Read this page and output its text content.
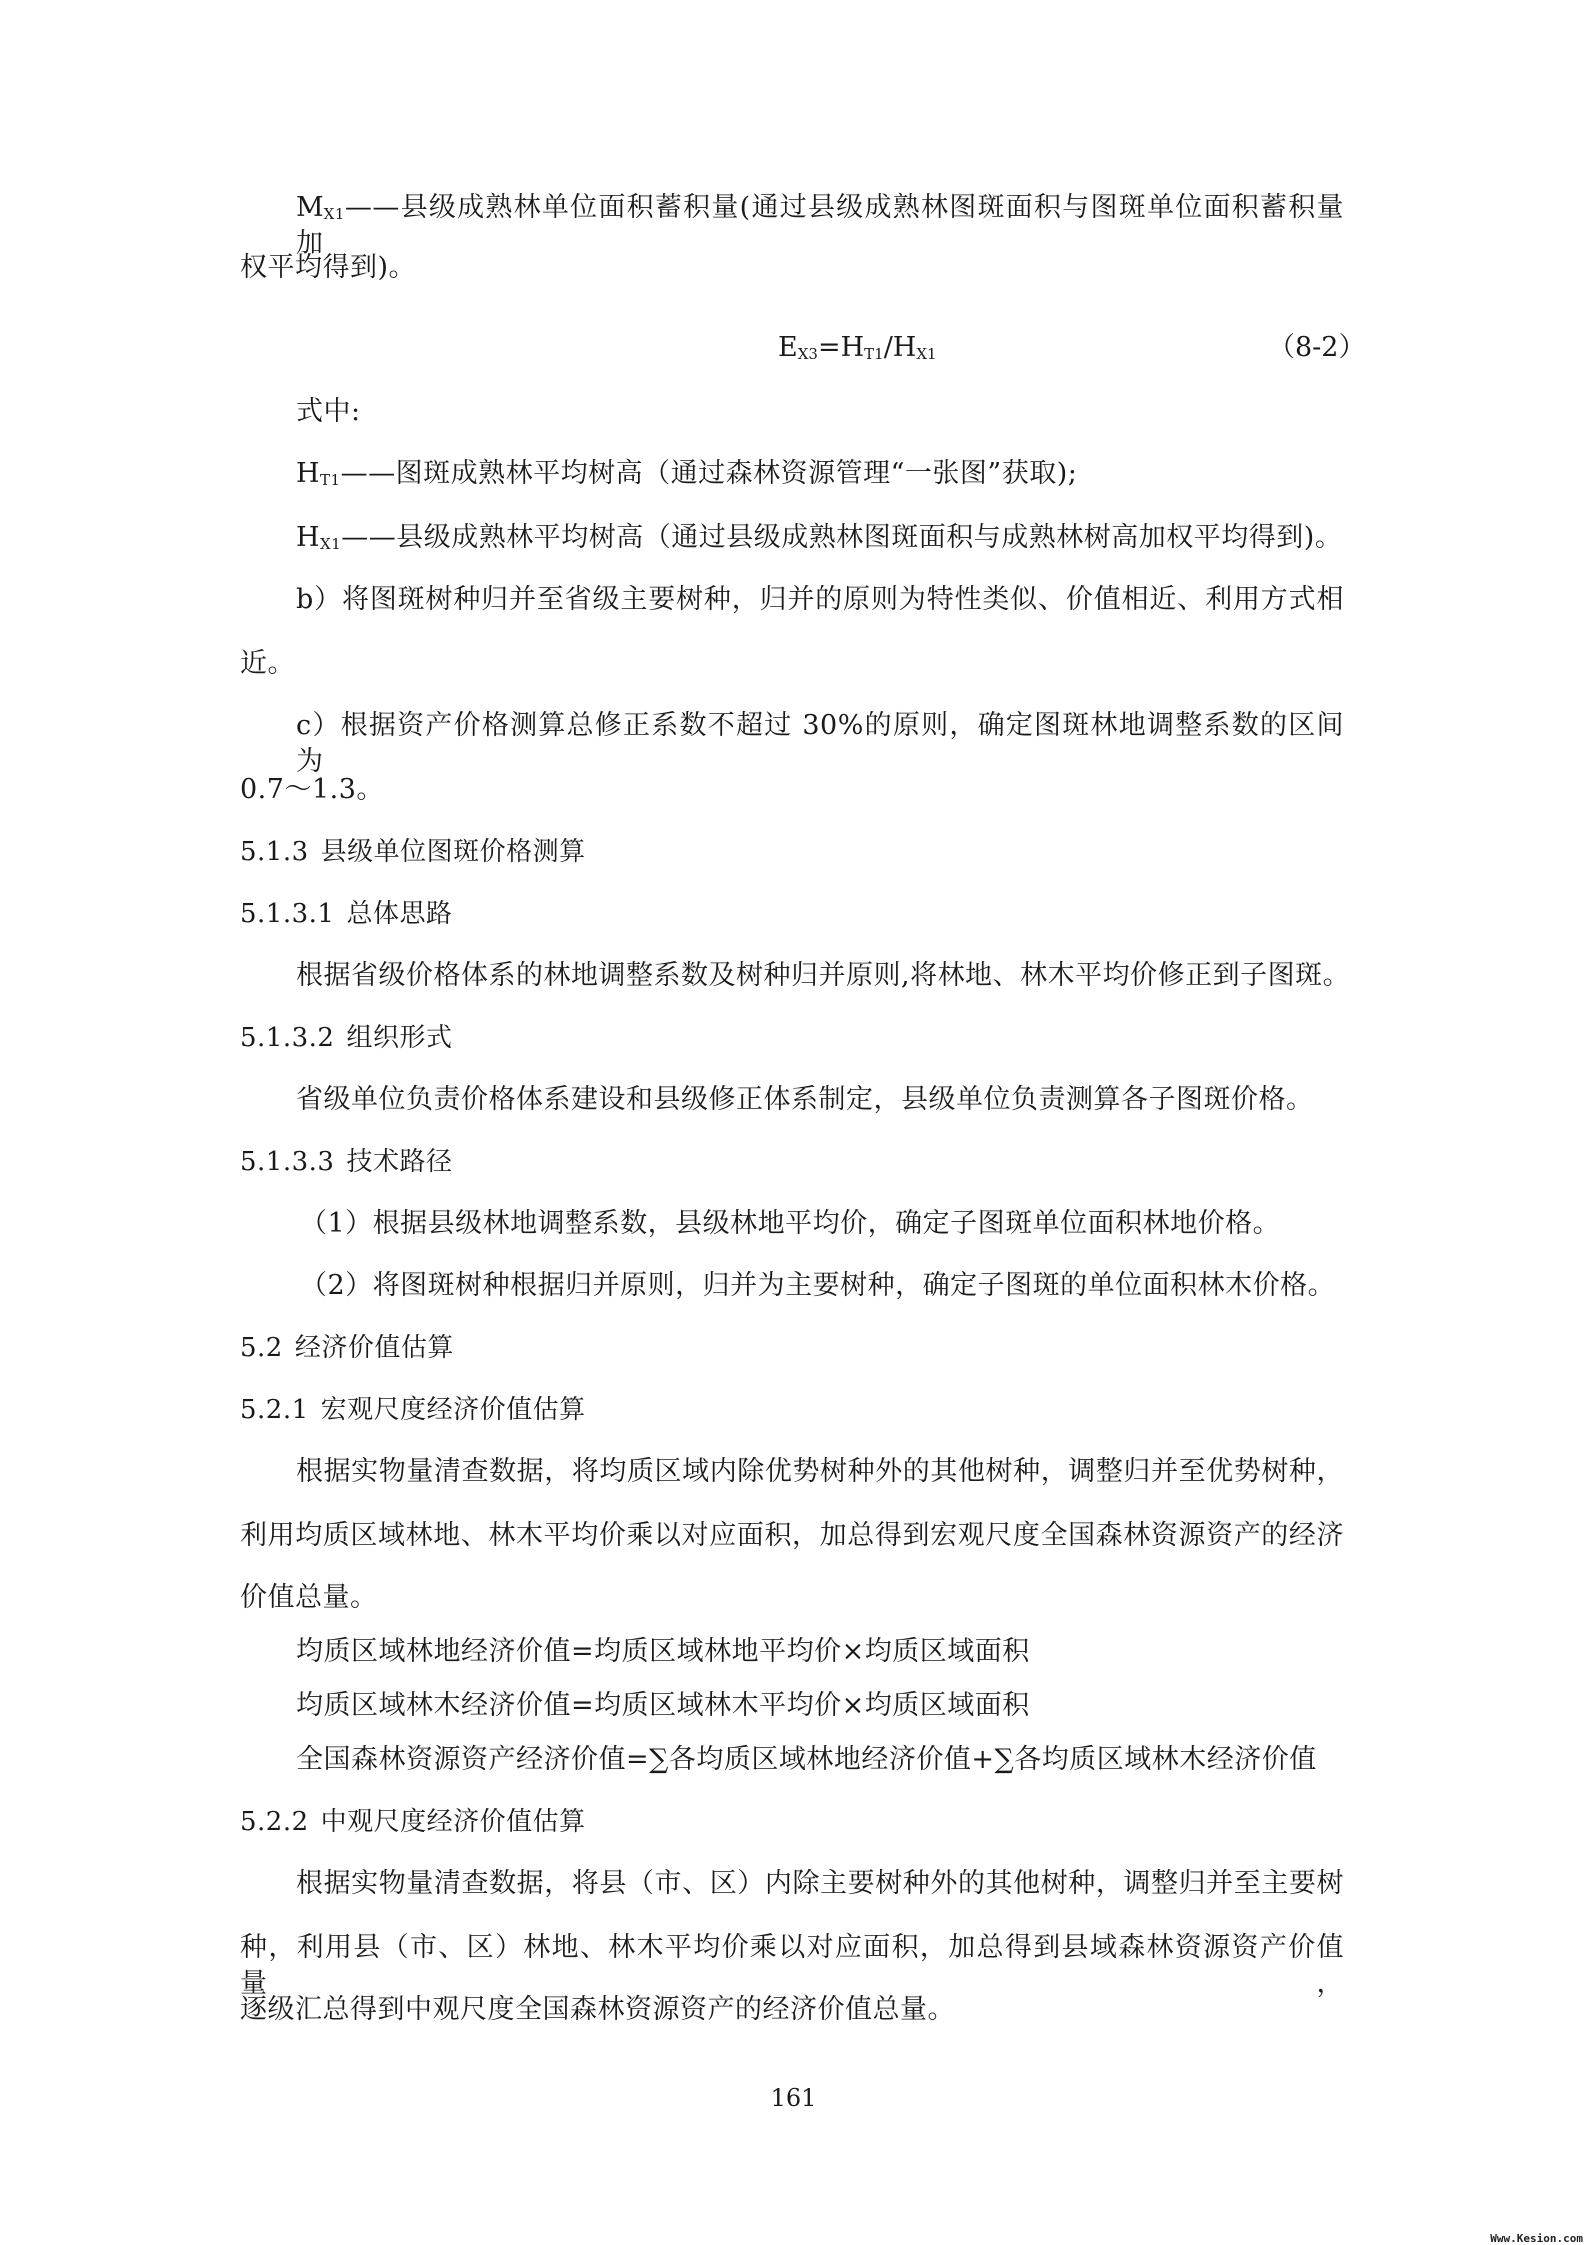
$M_{X1}——$县级成熟林单位面积蓄积量(通过县级成熟林图斑面积与图斑单位面积蓄积量加
权平均得到)。
$E_{X3}=H_{T1}/H_{X1}$	（8-2）
式中:
$H_{T1}——$图斑成熟林平均树高（通过森林资源管理“一张图”获取);
$H_{X1}——$县级成熟林平均树高（通过县级成熟林图斑面积与成熟林树高加权平均得到)。
b）将图斑树种归并至省级主要树种，归并的原则为特性类似、价值相近、利用方式相
近。
c）根据资产价格测算总修正系数不超过 30%的原则，确定图斑林地调整系数的区间为
0.7～1.3。
5.1.3 县级单位图斑价格测算
5.1.3.1 总体思路
根据省级价格体系的林地调整系数及树种归并原则,将林地、林木平均价修正到子图斑。
5.1.3.2 组织形式
省级单位负责价格体系建设和县级修正体系制定，县级单位负责测算各子图斑价格。
5.1.3.3 技术路径
（1）根据县级林地调整系数，县级林地平均价，确定子图斑单位面积林地价格。
（2）将图斑树种根据归并原则，归并为主要树种，确定子图斑的单位面积林木价格。
5.2 经济价值估算
5.2.1 宏观尺度经济价值估算
根据实物量清查数据，将均质区域内除优势树种外的其他树种，调整归并至优势树种，
利用均质区域林地、林木平均价乘以对应面积，加总得到宏观尺度全国森林资源资产的经济
价值总量。
均质区域林地经济价值=均质区域林地平均价×均质区域面积
均质区域林木经济价值=均质区域林木平均价×均质区域面积
全国森林资源资产经济价值=∑各均质区域林地经济价值+∑各均质区域林木经济价值
5.2.2 中观尺度经济价值估算
根据实物量清查数据，将县（市、区）内除主要树种外的其他树种，调整归并至主要树
种，利用县（市、区）林地、林木平均价乘以对应面积，加总得到县域森林资源资产价值量，
逐级汇总得到中观尺度全国森林资源资产的经济价值总量。
161
Www.Kesion.com
